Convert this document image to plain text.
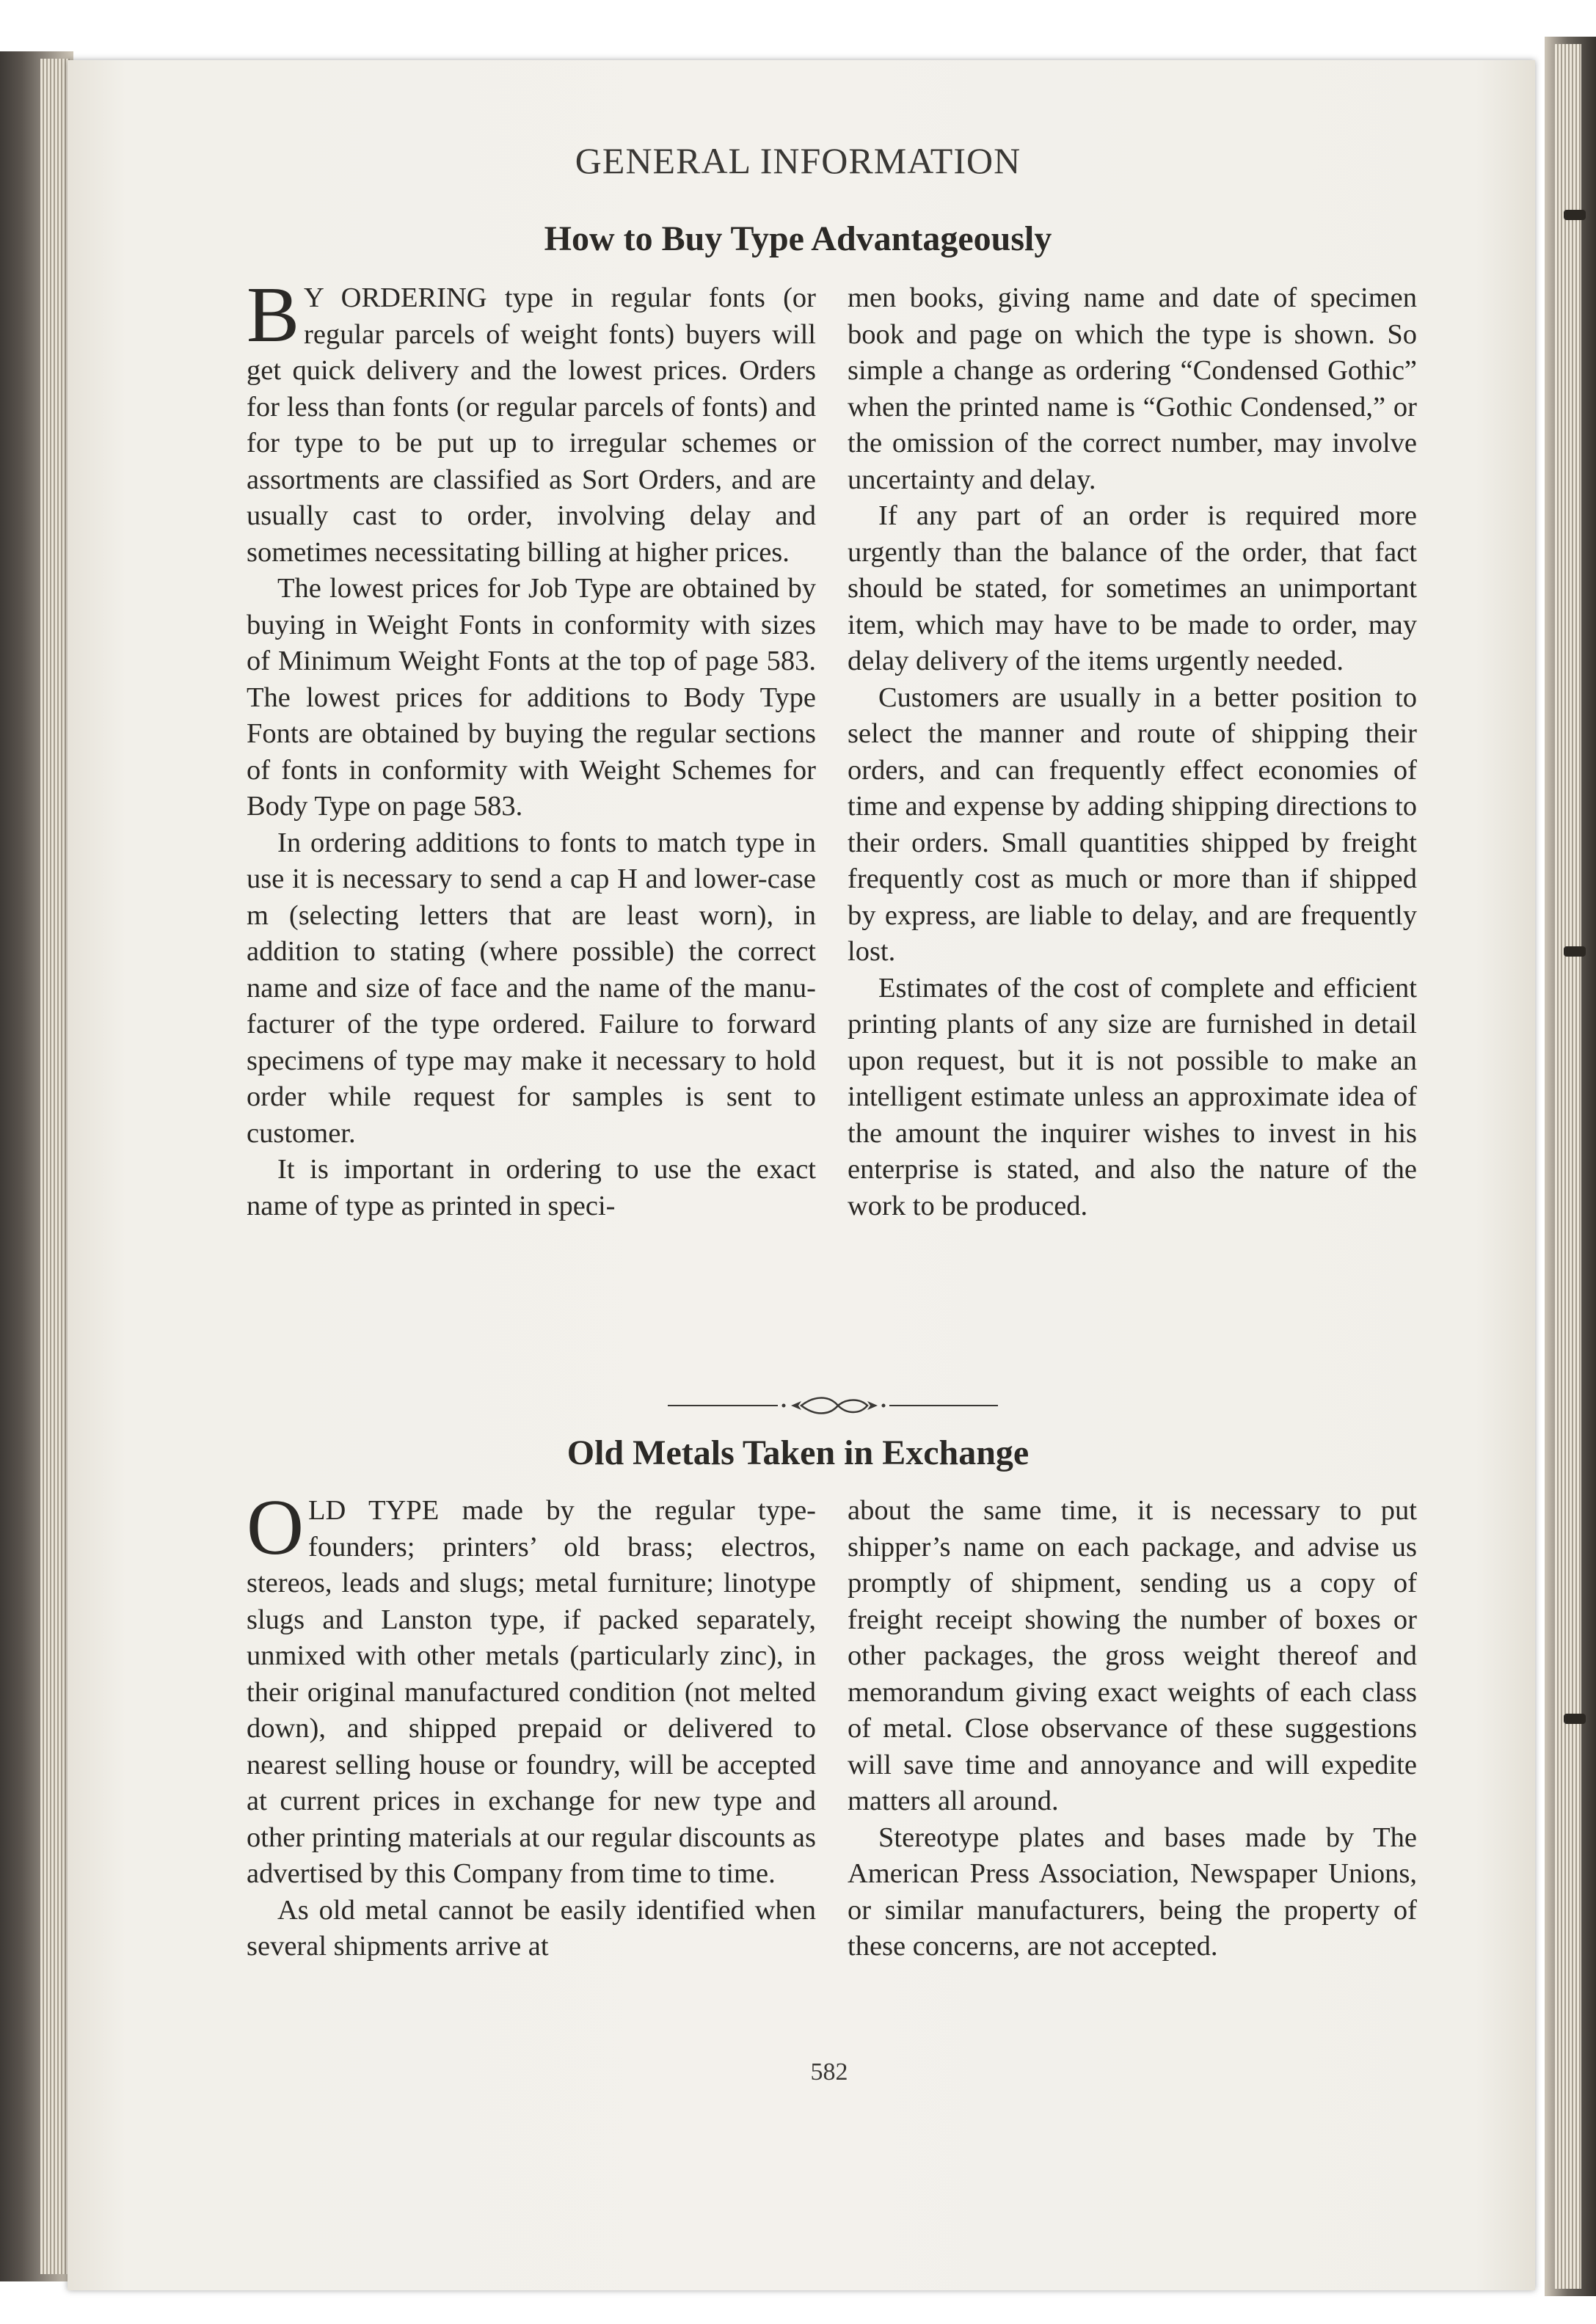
GENERAL INFORMATION
How to Buy Type Advantageously

B Y ORDERING type in regular fonts (or regular parcels of weight fonts) buyers will get quick delivery and the lowest prices. Orders for less than fonts (or regular parcels of fonts) and for type to be put up to irregular schemes or assortments are classified as Sort Orders, and are usually cast to order, involving delay and sometimes necessitating billing at higher prices.

The lowest prices for Job Type are obtained by buying in Weight Fonts in conformity with sizes of Minimum Weight Fonts at the top of page 583. The lowest prices for additions to Body Type Fonts are obtained by buying the regular sections of fonts in conformity with Weight Schemes for Body Type on page 583.

In ordering additions to fonts to match type in use it is necessary to send a cap H and lower-case m (selecting letters that are least worn), in addition to stating (where possible) the correct name and size of face and the name of the manufacturer of the type ordered. Failure to forward specimens of type may make it necessary to hold order while request for samples is sent to customer.

It is important in ordering to use the exact name of type as printed in speci-

men books, giving name and date of specimen book and page on which the type is shown. So simple a change as ordering “Condensed Gothic” when the printed name is “Gothic Condensed,” or the omission of the correct number, may involve uncertainty and delay.

If any part of an order is required more urgently than the balance of the order, that fact should be stated, for sometimes an unimportant item, which may have to be made to order, may delay delivery of the items urgently needed.

Customers are usually in a better position to select the manner and route of shipping their orders, and can frequently effect economies of time and expense by adding shipping directions to their orders. Small quantities shipped by freight frequently cost as much or more than if shipped by express, are liable to delay, and are frequently lost.

Estimates of the cost of complete and efficient printing plants of any size are furnished in detail upon request, but it is not possible to make an intelligent estimate unless an approximate idea of the amount the inquirer wishes to invest in his enterprise is stated, and also the nature of the work to be produced.

Old Metals Taken in Exchange

OLD TYPE made by the regular typefounders; printers’ old brass; electros, stereos, leads and slugs; metal furniture; linotype slugs and Lanston type, if packed separately, unmixed with other metals (particularly zinc), in their original manufactured condition (not melted down), and shipped prepaid or delivered to nearest selling house or foundry, will be accepted at current prices in exchange for new type and other printing materials at our regular discounts as advertised by this Company from time to time.

As old metal cannot be easily identified when several shipments arrive at

about the same time, it is necessary to put shipper’s name on each package, and advise us promptly of shipment, sending us a copy of freight receipt showing the number of boxes or other packages, the gross weight thereof and memorandum giving exact weights of each class of metal. Close observance of these suggestions will save time and annoyance and will expedite matters all around.

Stereotype plates and bases made by The American Press Association, Newspaper Unions, or similar manufacturers, being the property of these concerns, are not accepted.

582
